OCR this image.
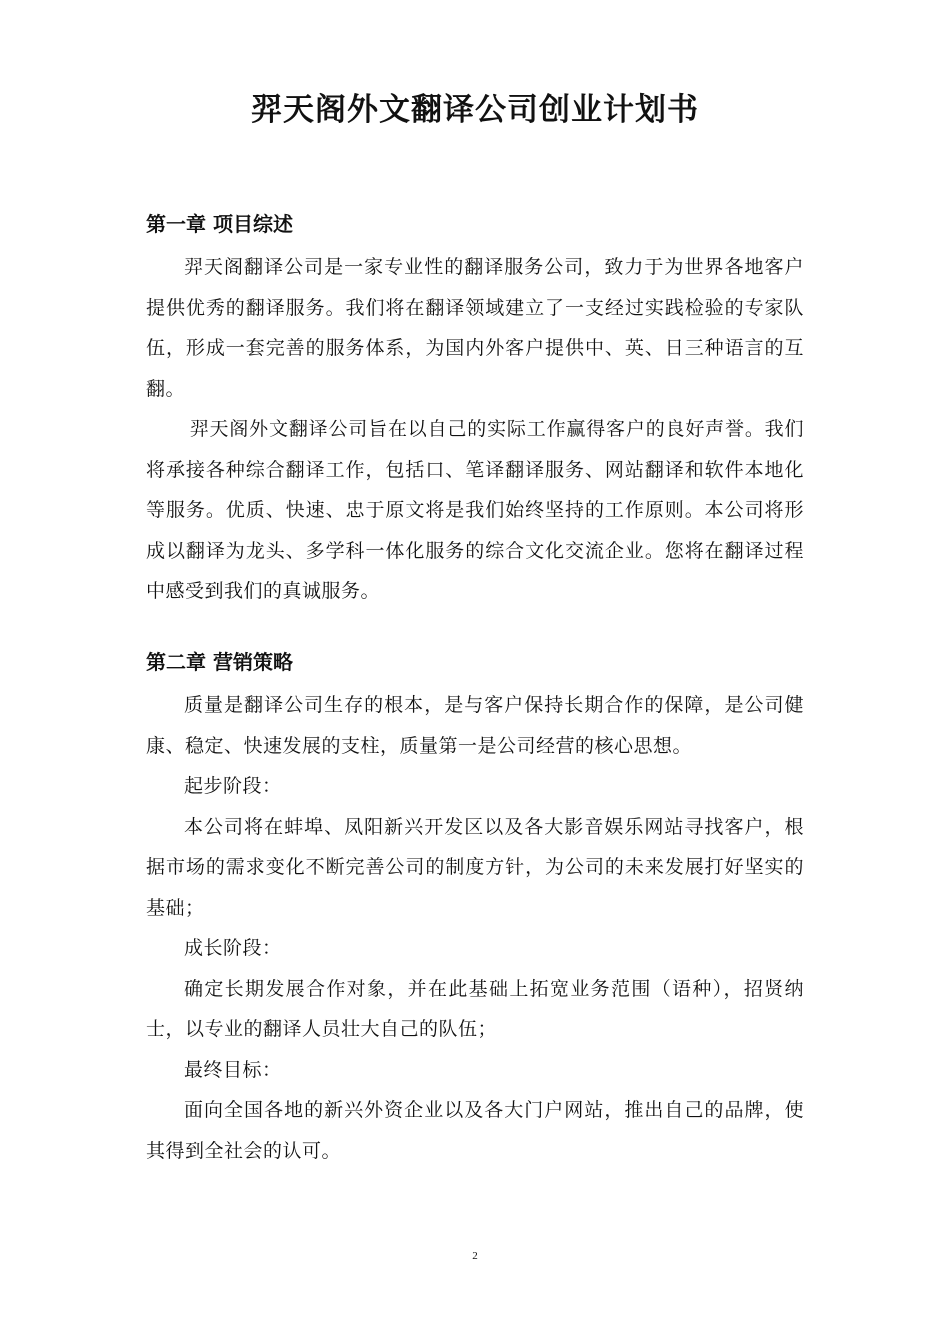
羿天阁外文翻译公司创业计划书
第一章 项目综述

羿天阁翻译公司是一家专业性的翻译服务公司，致力于为世界各地客户提供优秀的翻译服务。我们将在翻译领域建立了一支经过实践检验的专家队伍，形成一套完善的服务体系，为国内外客户提供中、英、日三种语言的互翻。

羿天阁外文翻译公司旨在以自己的实际工作赢得客户的良好声誉。我们将承接各种综合翻译工作，包括口、笔译翻译服务、网站翻译和软件本地化等服务。优质、快速、忠于原文将是我们始终坚持的工作原则。本公司将形成以翻译为龙头、多学科一体化服务的综合文化交流企业。您将在翻译过程中感受到我们的真诚服务。

第二章 营销策略

质量是翻译公司生存的根本，是与客户保持长期合作的保障，是公司健康、稳定、快速发展的支柱，质量第一是公司经营的核心思想。

起步阶段：

本公司将在蚌埠、凤阳新兴开发区以及各大影音娱乐网站寻找客户，根据市场的需求变化不断完善公司的制度方针，为公司的未来发展打好坚实的基础；

成长阶段：

确定长期发展合作对象，并在此基础上拓宽业务范围（语种），招贤纳士，以专业的翻译人员壮大自己的队伍；

最终目标：

面向全国各地的新兴外资企业以及各大门户网站，推出自己的品牌，使其得到全社会的认可。

2
